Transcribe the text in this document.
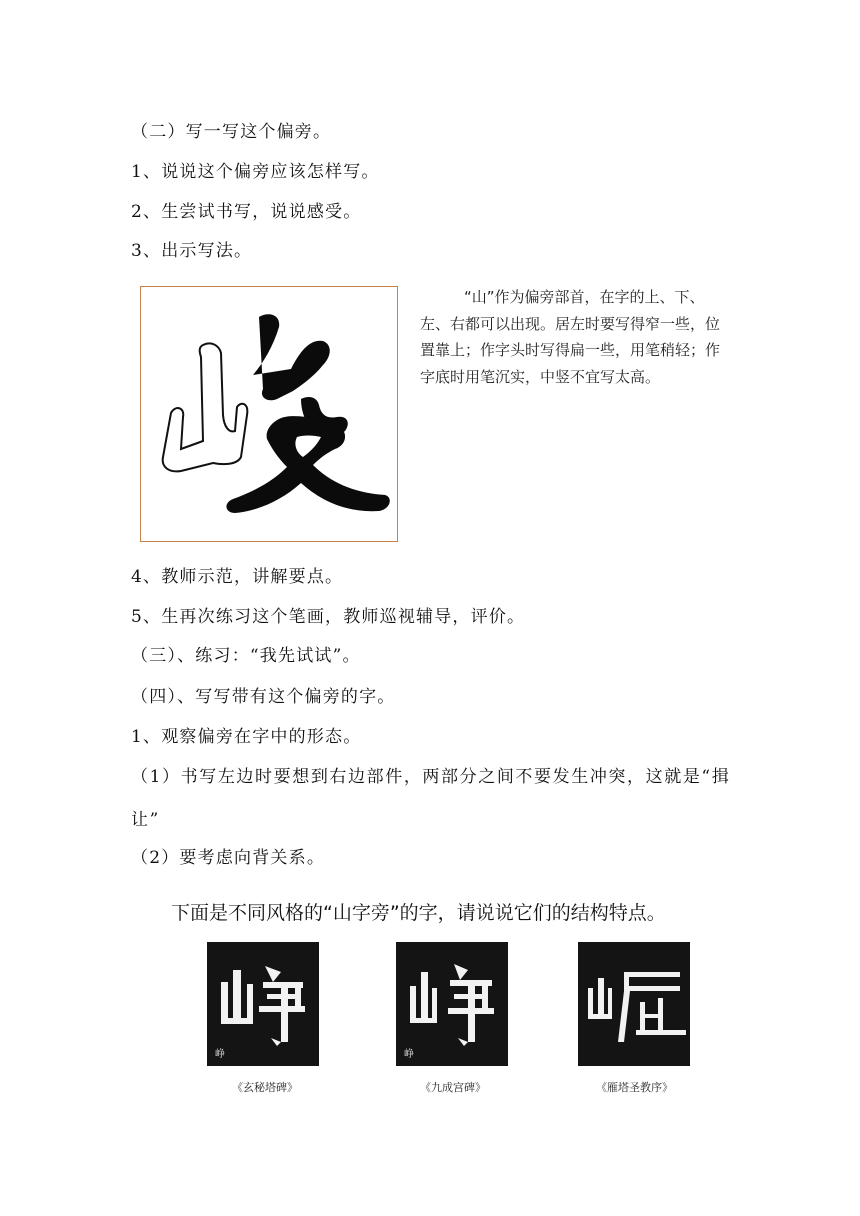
（二）写一写这个偏旁。
1、说说这个偏旁应该怎样写。
2、生尝试书写，说说感受。
3、出示写法。
“山”作为偏旁部首，在字的上、下、左、右都可以出现。居左时要写得窄一些，位置靠上；作字头时写得扁一些，用笔稍轻；作字底时用笔沉实，中竖不宜写太高。
4、教师示范，讲解要点。
5、生再次练习这个笔画，教师巡视辅导，评价。
（三）、练习：“我先试试”。
（四）、写写带有这个偏旁的字。
1、观察偏旁在字中的形态。
（1）书写左边时要想到右边部件，两部分之间不要发生冲突，这就是“揖让”
（2）要考虑向背关系。
下面是不同风格的“山字旁”的字，请说说它们的结构特点。
峥	峥
《玄秘塔碑》	《九成宫碑》	《雁塔圣教序》
